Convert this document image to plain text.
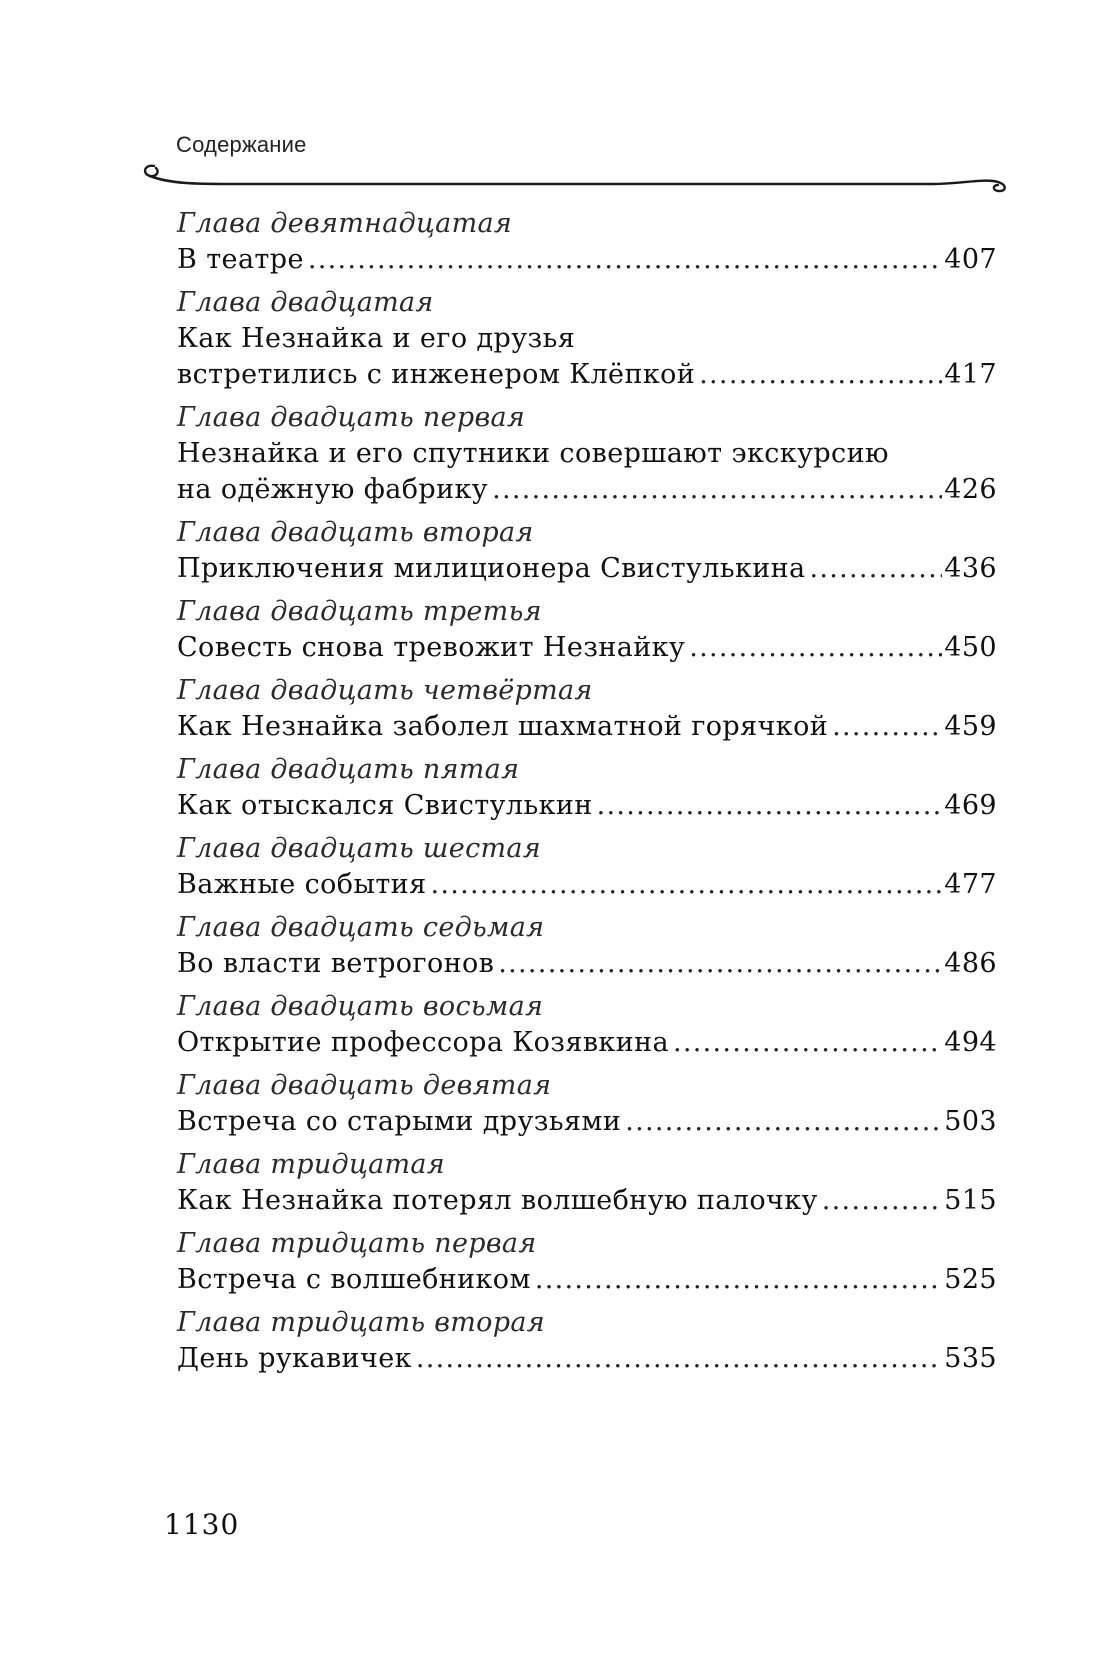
Содержание
Глава девятнадцатая
В театре .....	407
Глава двадцатая
Как Незнайка и его друзья
встретились с инженером Клёпкой .....	417
Глава двадцать первая
Незнайка и его спутники совершают экскурсию
на одёжную фабрику .....	426
Глава двадцать вторая
Приключения милиционера Свистулькина .....	436
Глава двадцать третья
Совесть снова тревожит Незнайку .....	450
Глава двадцать четвёртая
Как Незнайка заболел шахматной горячкой .....	459
Глава двадцать пятая
Как отыскался Свистулькин .....	469
Глава двадцать шестая
Важные события .....	477
Глава двадцать седьмая
Во власти ветрогонов .....	486
Глава двадцать восьмая
Открытие профессора Козявкина .....	494
Глава двадцать девятая
Встреча со старыми друзьями .....	503
Глава тридцатая
Как Незнайка потерял волшебную палочку .....	515
Глава тридцать первая
Встреча с волшебником .....	525
Глава тридцать вторая
День рукавичек .....	535
1130
